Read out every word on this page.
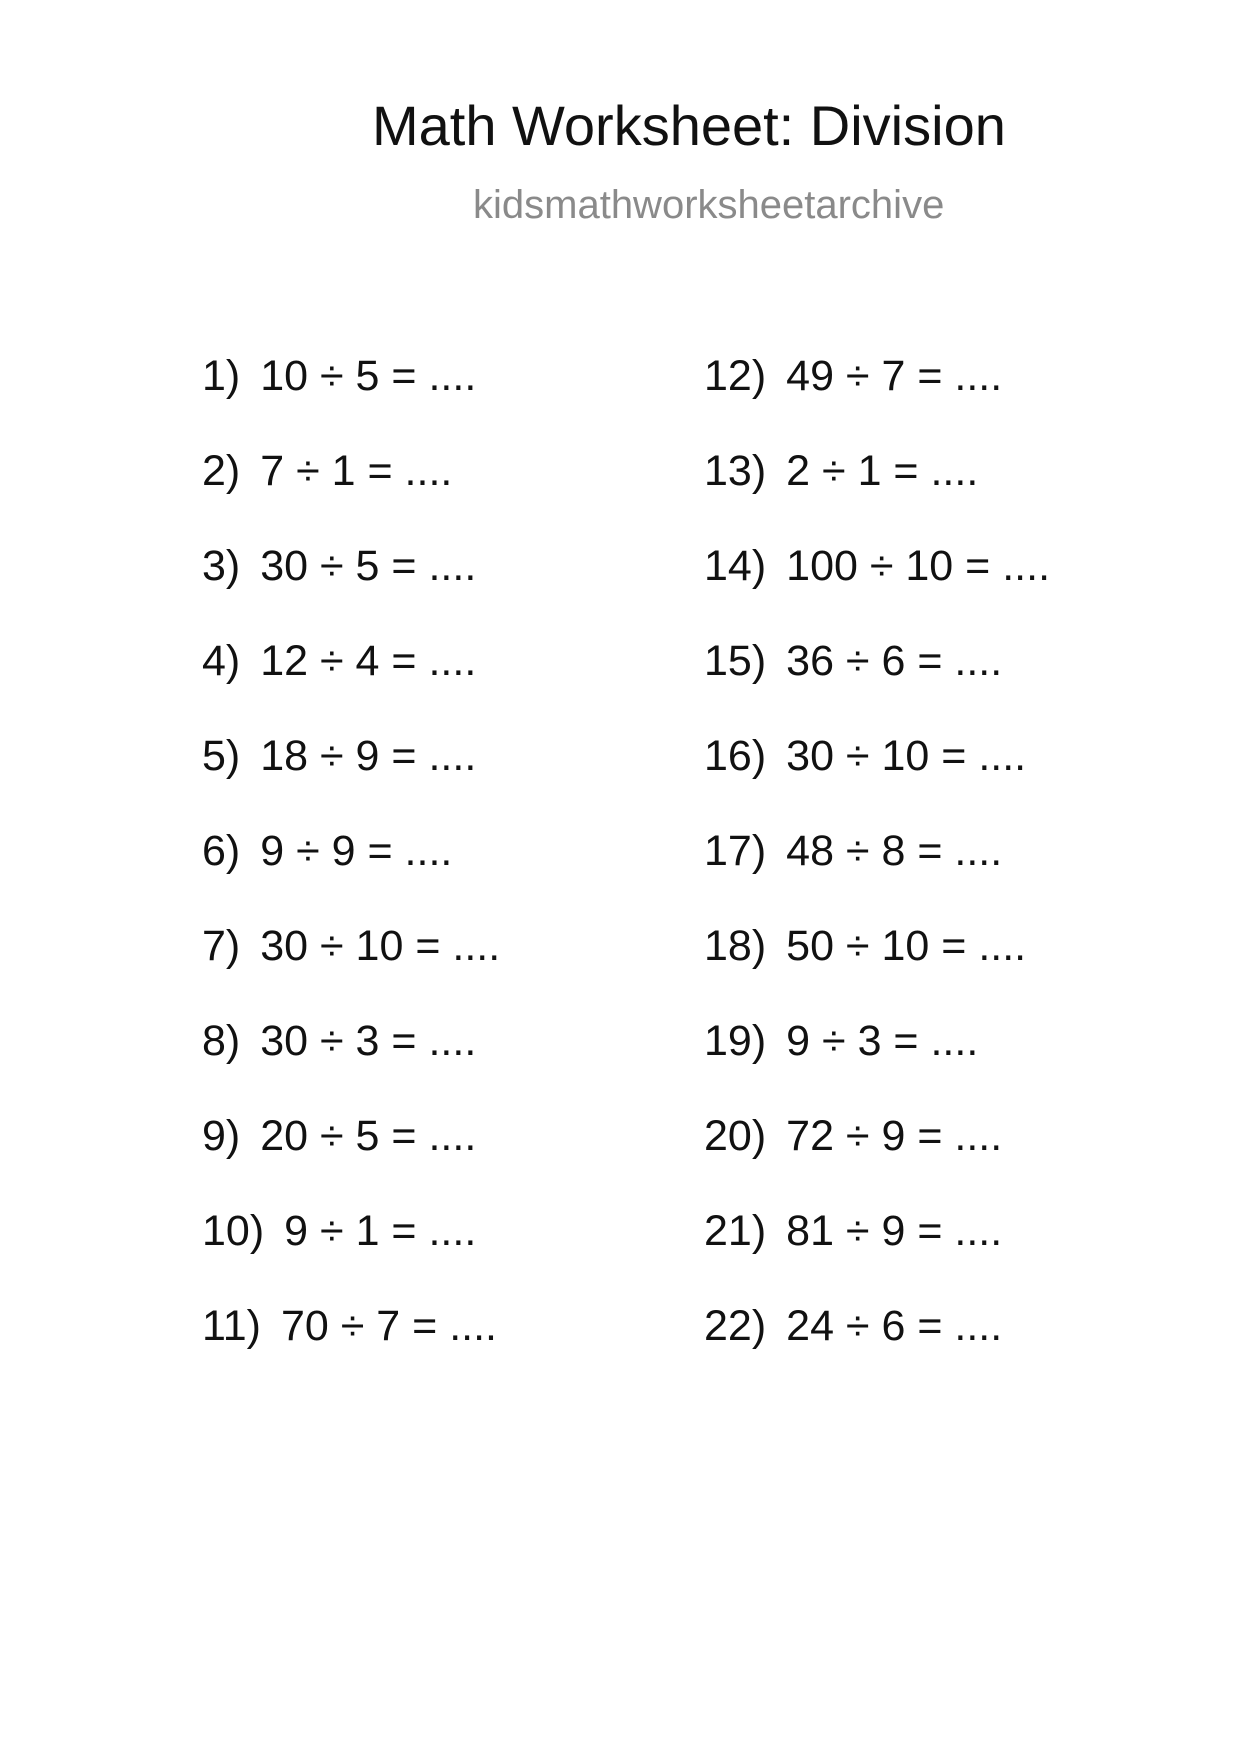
Math Worksheet: Division
kidsmathworksheetarchive
1) 10 ÷ 5 = ....
2) 7 ÷ 1 = ....
3) 30 ÷ 5 = ....
4) 12 ÷ 4 = ....
5) 18 ÷ 9 = ....
6) 9 ÷ 9 = ....
7) 30 ÷ 10 = ....
8) 30 ÷ 3 = ....
9) 20 ÷ 5 = ....
10) 9 ÷ 1 = ....
11) 70 ÷ 7 = ....
12) 49 ÷ 7 = ....
13) 2 ÷ 1 = ....
14) 100 ÷ 10 = ....
15) 36 ÷ 6 = ....
16) 30 ÷ 10 = ....
17) 48 ÷ 8 = ....
18) 50 ÷ 10 = ....
19) 9 ÷ 3 = ....
20) 72 ÷ 9 = ....
21) 81 ÷ 9 = ....
22) 24 ÷ 6 = ....
